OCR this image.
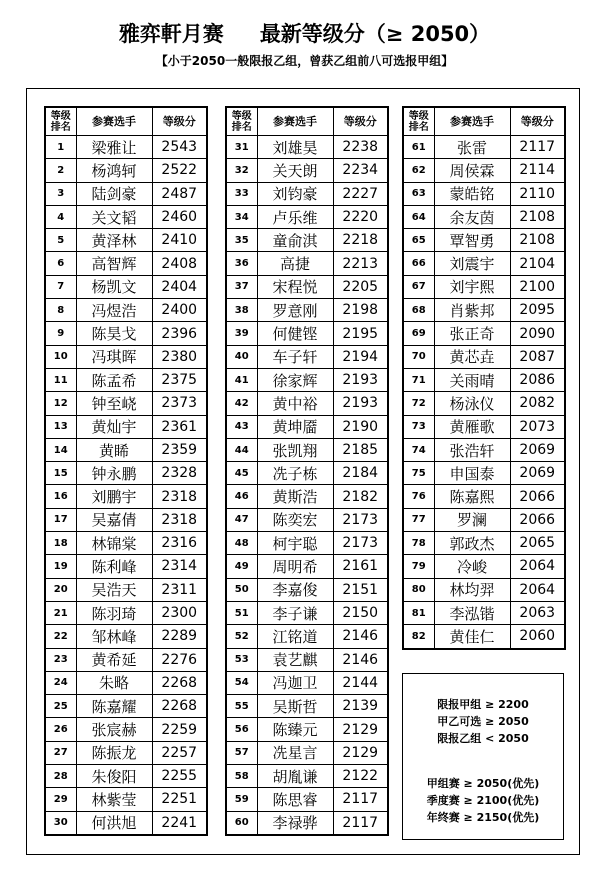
雅弈軒月赛 最新等级分（≥ 2050）
【小于2050一般限报乙组，曾获乙组前八可选报甲组】
等级排名	参赛选手	等级分
1	梁雅让	2543
2	杨鸿轲	2522
3	陆剑豪	2487
4	关文韬	2460
5	黄泽林	2410
6	高智辉	2408
7	杨凯文	2404
8	冯煜浩	2400
9	陈昊戈	2396
10	冯琪晖	2380
11	陈孟希	2375
12	钟至峣	2373
13	黄灿宇	2361
14	黄睎	2359
15	钟永鹏	2328
16	刘鹏宇	2318
17	吴嘉倩	2318
18	林锦棠	2316
19	陈利峰	2314
20	吴浩天	2311
21	陈羽琦	2300
22	邹林峰	2289
23	黄希延	2276
24	朱略	2268
25	陈嘉耀	2268
26	张宸赫	2259
27	陈振龙	2257
28	朱俊阳	2255
29	林紫莹	2251
30	何洪旭	2241
等级排名	参赛选手	等级分
31	刘雄昊	2238
32	关天朗	2234
33	刘钧豪	2227
34	卢乐维	2220
35	童俞淇	2218
36	高捷	2213
37	宋程悦	2205
38	罗意刚	2198
39	何健铿	2195
40	车子轩	2194
41	徐家辉	2193
42	黄中裕	2193
43	黄坤靥	2190
44	张凯翔	2185
45	冼子栋	2184
46	黄斯浩	2182
47	陈奕宏	2173
48	柯宇聪	2173
49	周明希	2161
50	李嘉俊	2151
51	李子谦	2150
52	江铭道	2146
53	袁艺麒	2146
54	冯迦卫	2144
55	吴斯哲	2139
56	陈臻元	2129
57	冼星言	2129
58	胡胤谦	2122
59	陈思睿	2117
60	李禄骅	2117
等级排名	参赛选手	等级分
61	张雷	2117
62	周侯霖	2114
63	蒙皓铭	2110
64	余友茵	2108
65	覃智勇	2108
66	刘震宇	2104
67	刘宇熙	2100
68	肖紫邦	2095
69	张正奇	2090
70	黄芯垚	2087
71	关雨晴	2086
72	杨泳仪	2082
73	黄雁歌	2073
74	张浩轩	2069
75	申国泰	2069
76	陈嘉熙	2066
77	罗澜	2066
78	郭政杰	2065
79	冷峻	2064
80	林均羿	2064
81	李泓锴	2063
82	黄佳仁	2060
限报甲组 ≥ 2200
甲乙可选 ≥ 2050
限报乙组 < 2050
甲组赛 ≥ 2050(优先)
季度赛 ≥ 2100(优先)
年终赛 ≥ 2150(优先)
